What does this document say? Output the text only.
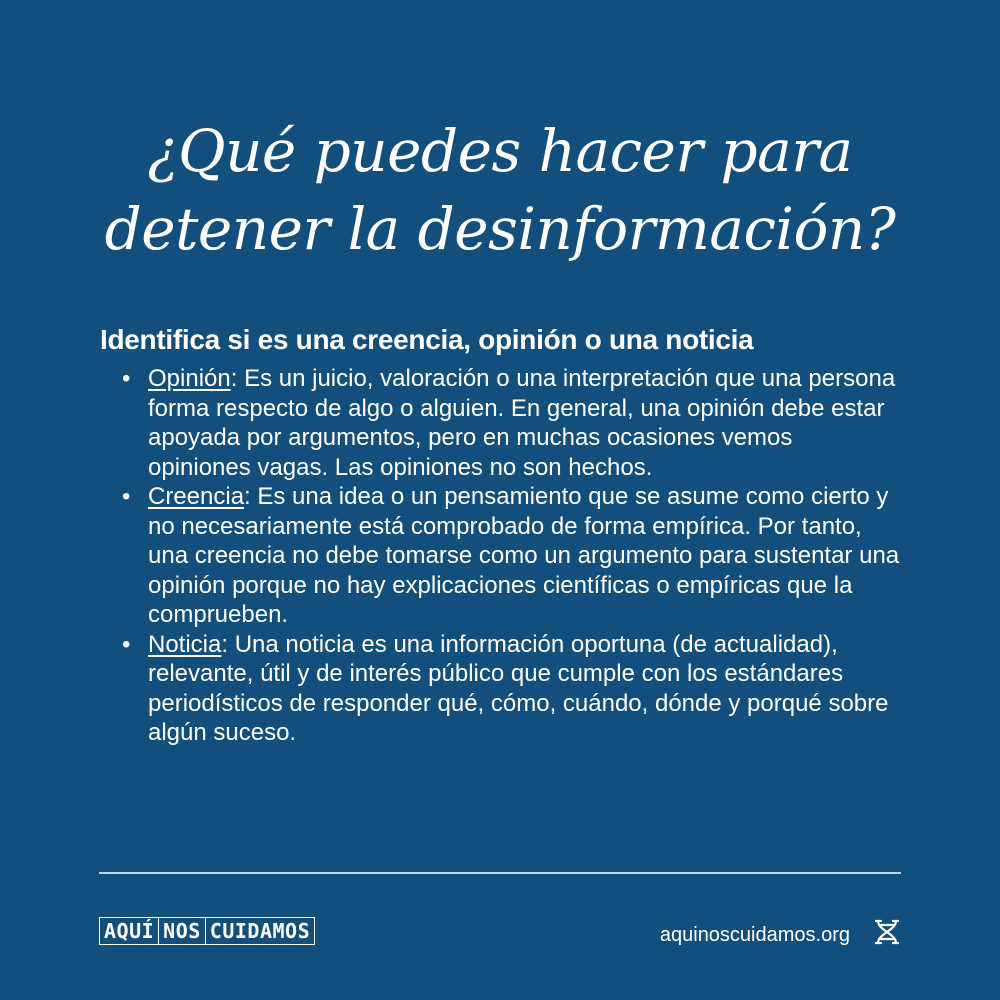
¿Qué puedes hacer para
detener la desinformación?
Identifica si es una creencia, opinión o una noticia
• Opinión: Es un juicio, valoración o una interpretación que una persona forma respecto de algo o alguien. En general, una opinión debe estar apoyada por argumentos, pero en muchas ocasiones vemos opiniones vagas. Las opiniones no son hechos.
• Creencia: Es una idea o un pensamiento que se asume como cierto y no necesariamente está comprobado de forma empírica. Por tanto, una creencia no debe tomarse como un argumento para sustentar una opinión porque no hay explicaciones científicas o empíricas que la comprueben.
• Noticia: Una noticia es una información oportuna (de actualidad), relevante, útil y de interés público que cumple con los estándares periodísticos de responder qué, cómo, cuándo, dónde y porqué sobre algún suceso.
AQUÍ NOS CUIDAMOS	aquinoscuidamos.org
